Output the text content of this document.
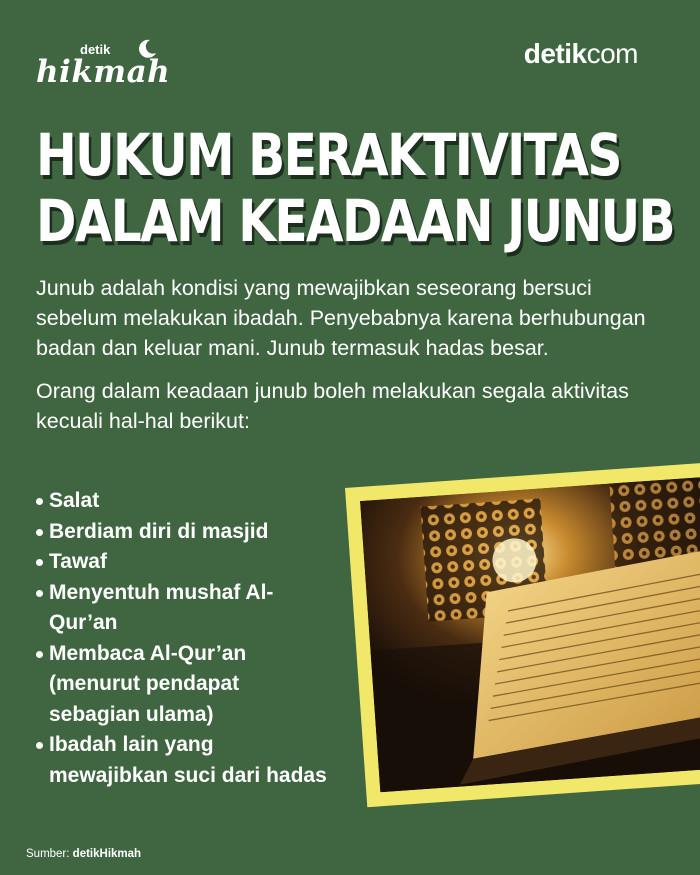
detik
hikmah
detikcom
HUKUM BERAKTIVITAS
DALAM KEADAAN JUNUB

Junub adalah kondisi yang mewajibkan seseorang bersuci sebelum melakukan ibadah. Penyebabnya karena berhubungan badan dan keluar mani. Junub termasuk hadas besar.

Orang dalam keadaan junub boleh melakukan segala aktivitas kecuali hal-hal berikut:

Salat
Berdiam diri di masjid
Tawaf
Menyentuh mushaf Al-Qur’an
Membaca Al-Qur’an (menurut pendapat sebagian ulama)
Ibadah lain yang mewajibkan suci dari hadas
Sumber: detikHikmah
